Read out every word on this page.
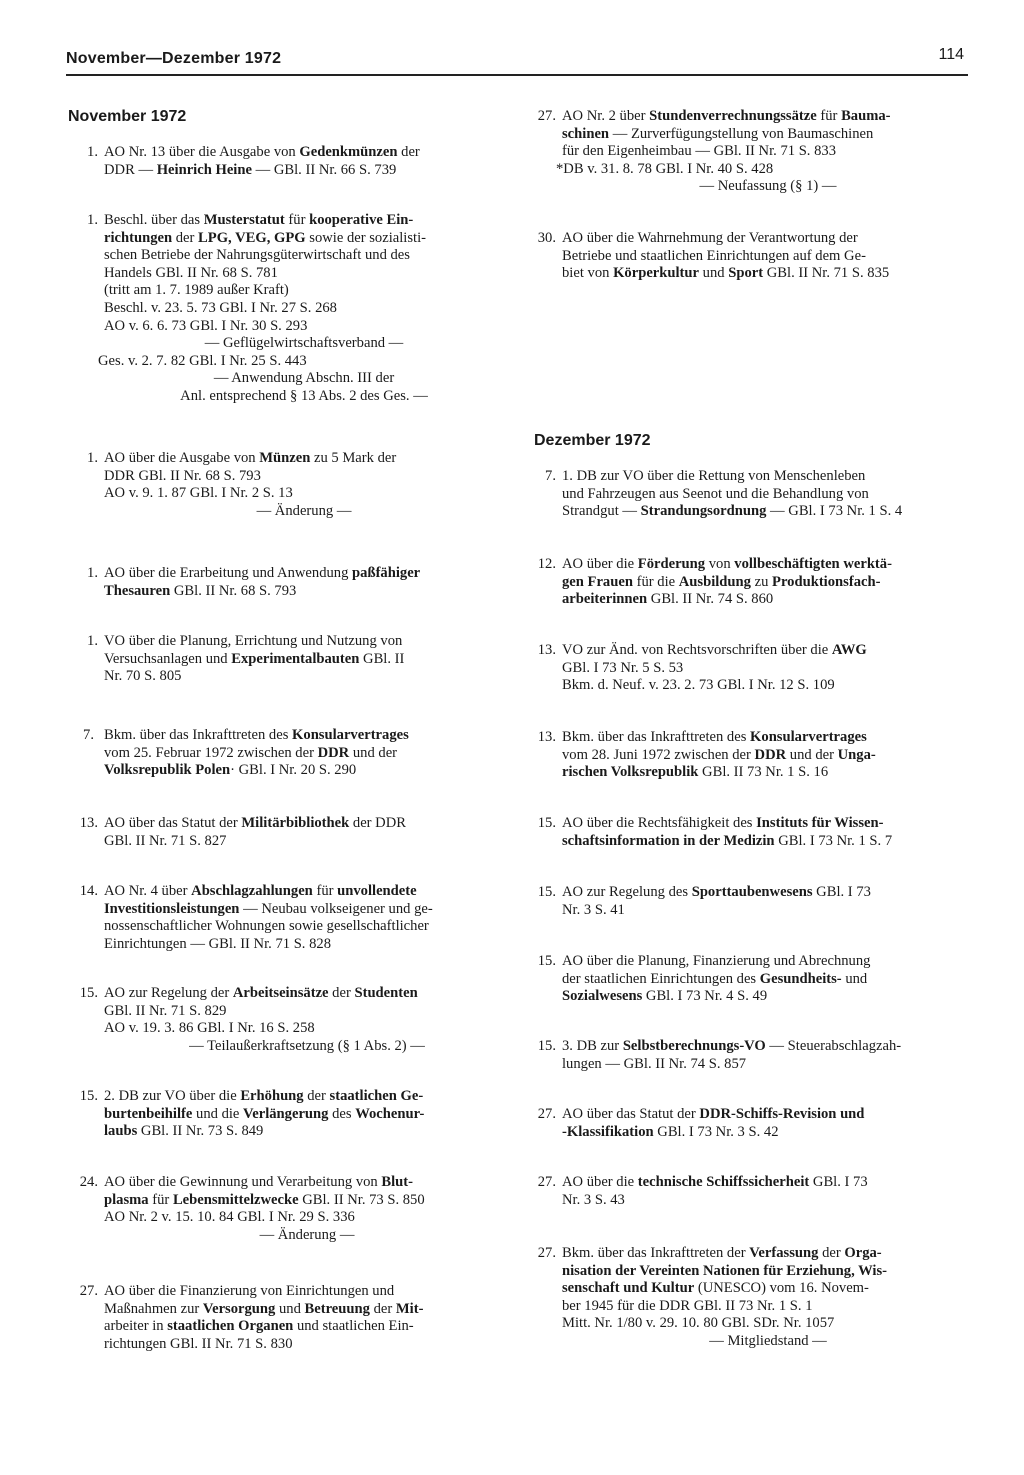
November—Dezember 1972	114
November 1972
1. AO Nr. 13 über die Ausgabe von Gedenkmünzen der
DDR — Heinrich Heine — GBl. II Nr. 66 S. 739
1. Beschl. über das Musterstatut für kooperative Ein-
richtungen der LPG, VEG, GPG sowie der sozialisti-
schen Betriebe der Nahrungsgüterwirtschaft und des
Handels GBl. II Nr. 68 S. 781
(tritt am 1. 7. 1989 außer Kraft)
Beschl. v. 23. 5. 73 GBl. I Nr. 27 S. 268
AO v. 6. 6. 73 GBl. I Nr. 30 S. 293
— Geflügelwirtschaftsverband —
Ges. v. 2. 7. 82 GBl. I Nr. 25 S. 443
— Anwendung Abschn. III der
Anl. entsprechend § 13 Abs. 2 des Ges. —
1. AO über die Ausgabe von Münzen zu 5 Mark der
DDR GBl. II Nr. 68 S. 793
AO v. 9. 1. 87 GBl. I Nr. 2 S. 13
— Änderung —
1. AO über die Erarbeitung und Anwendung paßfähiger
Thesauren GBl. II Nr. 68 S. 793
1. VO über die Planung, Errichtung und Nutzung von
Versuchsanlagen und Experimentalbauten GBl. II
Nr. 70 S. 805
7. Bkm. über das Inkrafttreten des Konsularvertrages
vom 25. Februar 1972 zwischen der DDR und der
Volksrepublik Polen· GBl. I Nr. 20 S. 290
13. AO über das Statut der Militärbibliothek der DDR
GBl. II Nr. 71 S. 827
14. AO Nr. 4 über Abschlagzahlungen für unvollendete
Investitionsleistungen — Neubau volkseigener und ge-
nossenschaftlicher Wohnungen sowie gesellschaftlicher
Einrichtungen — GBl. II Nr. 71 S. 828
15. AO zur Regelung der Arbeitseinsätze der Studenten
GBl. II Nr. 71 S. 829
AO v. 19. 3. 86 GBl. I Nr. 16 S. 258
— Teilaußerkraftsetzung (§ 1 Abs. 2) —
15. 2. DB zur VO über die Erhöhung der staatlichen Ge-
burtenbeihilfe und die Verlängerung des Wochenur-
laubs GBl. II Nr. 73 S. 849
24. AO über die Gewinnung und Verarbeitung von Blut-
plasma für Lebensmittelzwecke GBl. II Nr. 73 S. 850
AO Nr. 2 v. 15. 10. 84 GBl. I Nr. 29 S. 336
— Änderung —
27. AO über die Finanzierung von Einrichtungen und
Maßnahmen zur Versorgung und Betreuung der Mit-
arbeiter in staatlichen Organen und staatlichen Ein-
richtungen GBl. II Nr. 71 S. 830
27. AO Nr. 2 über Stundenverrechnungssätze für Bauma-
schinen — Zurverfügungstellung von Baumaschinen
für den Eigenheimbau — GBl. II Nr. 71 S. 833
*DB v. 31. 8. 78 GBl. I Nr. 40 S. 428
— Neufassung (§ 1) —
30. AO über die Wahrnehmung der Verantwortung der
Betriebe und staatlichen Einrichtungen auf dem Ge-
biet von Körperkultur und Sport GBl. II Nr. 71 S. 835
Dezember 1972
7. 1. DB zur VO über die Rettung von Menschenleben
und Fahrzeugen aus Seenot und die Behandlung von
Strandgut — Strandungsordnung — GBl. I 73 Nr. 1 S. 4
12. AO über die Förderung von vollbeschäftigten werktä-
gen Frauen für die Ausbildung zu Produktionsfach-
arbeiterinnen GBl. II Nr. 74 S. 860
13. VO zur Änd. von Rechtsvorschriften über die AWG
GBl. I 73 Nr. 5 S. 53
Bkm. d. Neuf. v. 23. 2. 73 GBl. I Nr. 12 S. 109
13. Bkm. über das Inkrafttreten des Konsularvertrages
vom 28. Juni 1972 zwischen der DDR und der Unga-
rischen Volksrepublik GBl. II 73 Nr. 1 S. 16
15. AO über die Rechtsfähigkeit des Instituts für Wissen-
schaftsinformation in der Medizin GBl. I 73 Nr. 1 S. 7
15. AO zur Regelung des Sporttaubenwesens GBl. I 73
Nr. 3 S. 41
15. AO über die Planung, Finanzierung und Abrechnung
der staatlichen Einrichtungen des Gesundheits- und
Sozialwesens GBl. I 73 Nr. 4 S. 49
15. 3. DB zur Selbstberechnungs-VO — Steuerabschlagzah-
lungen — GBl. II Nr. 74 S. 857
27. AO über das Statut der DDR-Schiffs-Revision und
-Klassifikation GBl. I 73 Nr. 3 S. 42
27. AO über die technische Schiffssicherheit GBl. I 73
Nr. 3 S. 43
27. Bkm. über das Inkrafttreten der Verfassung der Orga-
nisation der Vereinten Nationen für Erziehung, Wis-
senschaft und Kultur (UNESCO) vom 16. Novem-
ber 1945 für die DDR GBl. II 73 Nr. 1 S. 1
Mitt. Nr. 1/80 v. 29. 10. 80 GBl. SDr. Nr. 1057
— Mitgliedstand —
